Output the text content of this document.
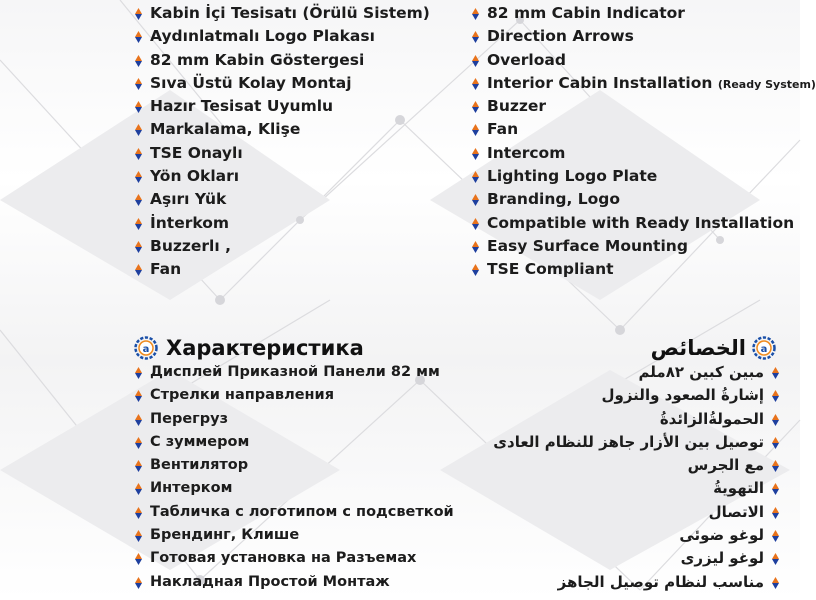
Kabin İçi Tesisatı (Örülü Sistem)
Aydınlatmalı Logo Plakası
82 mm Kabin Göstergesi
Sıva Üstü Kolay Montaj
Hazır Tesisat Uyumlu
Markalama, Klişe
TSE Onaylı
Yön Okları
Aşırı Yük
İnterkom
Buzzerlı ,
Fan
82 mm Cabin Indicator
Direction Arrows
Overload
Interior Cabin Installation (Ready System)
Buzzer
Fan
Intercom
Lighting Logo Plate
Branding, Logo
Compatible with Ready Installation
Easy Surface Mounting
TSE Compliant
a Характеристика
Дисплей Приказной Панели 82 мм
Стрелки направления
Перегруз
С зуммером
Вентилятор
Интерком
Табличка с логотипом с подсветкой
Брендинг, Клише
Готовая установка на Разъемах
Накладная Простой Монтаж
a
الخصائص
مبين كبين ٨٢ملم
إشارةُ الصعود والنزول
الحمولةُالزائدةُ
توصيل بين الأزار جاهز للنظام العادى
مع الجرس
التهويةُ
الاتصال
لوغو ضوئى
لوغو ليزرى
مناسب لنظام توصيل الجاهز
